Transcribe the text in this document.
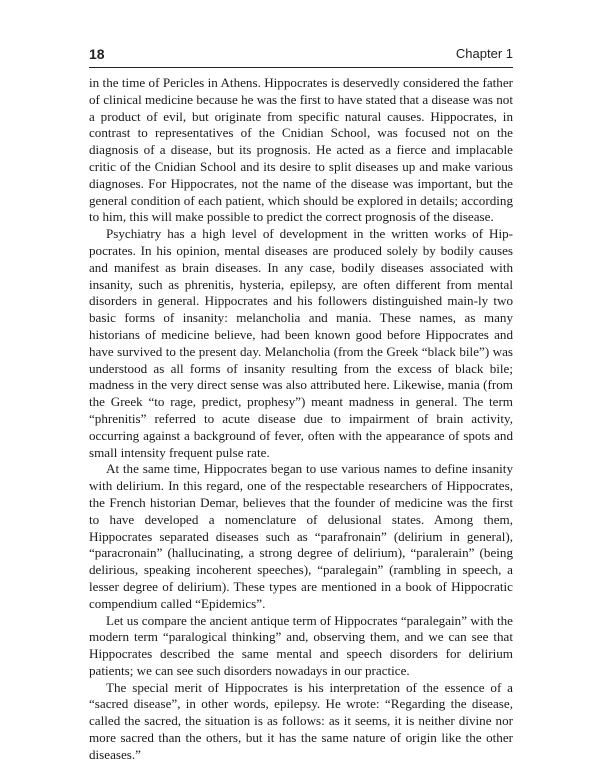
18	Chapter 1

in the time of Pericles in Athens. Hippocrates is deservedly considered the father of clinical medicine because he was the first to have stated that a disease was not a product of evil, but originate from specific natural causes. Hippocrates, in contrast to representatives of the Cnidian School, was focused not on the diagnosis of a disease, but its prognosis. He acted as a fierce and implacable critic of the Cnidian School and its desire to split diseases up and make various diagnoses. For Hippocrates, not the name of the disease was important, but the general condition of each patient, which should be explored in details; according to him, this will make possible to predict the correct prognosis of the disease.

Psychiatry has a high level of development in the written works of Hip-pocrates. In his opinion, mental diseases are produced solely by bodily causes and manifest as brain diseases. In any case, bodily diseases associated with insanity, such as phrenitis, hysteria, epilepsy, are often different from mental disorders in general. Hippocrates and his followers distinguished main-ly two basic forms of insanity: melancholia and mania. These names, as many historians of medicine believe, had been known good before Hippocrates and have survived to the present day. Melancholia (from the Greek “black bile”) was understood as all forms of insanity resulting from the excess of black bile; madness in the very direct sense was also attributed here. Likewise, mania (from the Greek “to rage, predict, prophesy”) meant madness in general. The term “phrenitis” referred to acute disease due to impairment of brain activity, occurring against a background of fever, often with the appearance of spots and small intensity frequent pulse rate.

At the same time, Hippocrates began to use various names to define insanity with delirium. In this regard, one of the respectable researchers of Hippocrates, the French historian Demar, believes that the founder of medicine was the first to have developed a nomenclature of delusional states. Among them, Hippocrates separated diseases such as “parafronain” (delirium in general), “paracronain” (hallucinating, a strong degree of delirium), “paralerain” (being delirious, speaking incoherent speeches), “paralegain” (rambling in speech, a lesser degree of delirium). These types are mentioned in a book of Hippocratic compendium called “Epidemics”.

Let us compare the ancient antique term of Hippocrates “paralegain” with the modern term “paralogical thinking” and, observing them, and we can see that Hippocrates described the same mental and speech disorders for delirium patients; we can see such disorders nowadays in our practice.

The special merit of Hippocrates is his interpretation of the essence of a “sacred disease”, in other words, epilepsy. He wrote: “Regarding the disease, called the sacred, the situation is as follows: as it seems, it is neither divine nor more sacred than the others, but it has the same nature of origin like the other diseases.”
